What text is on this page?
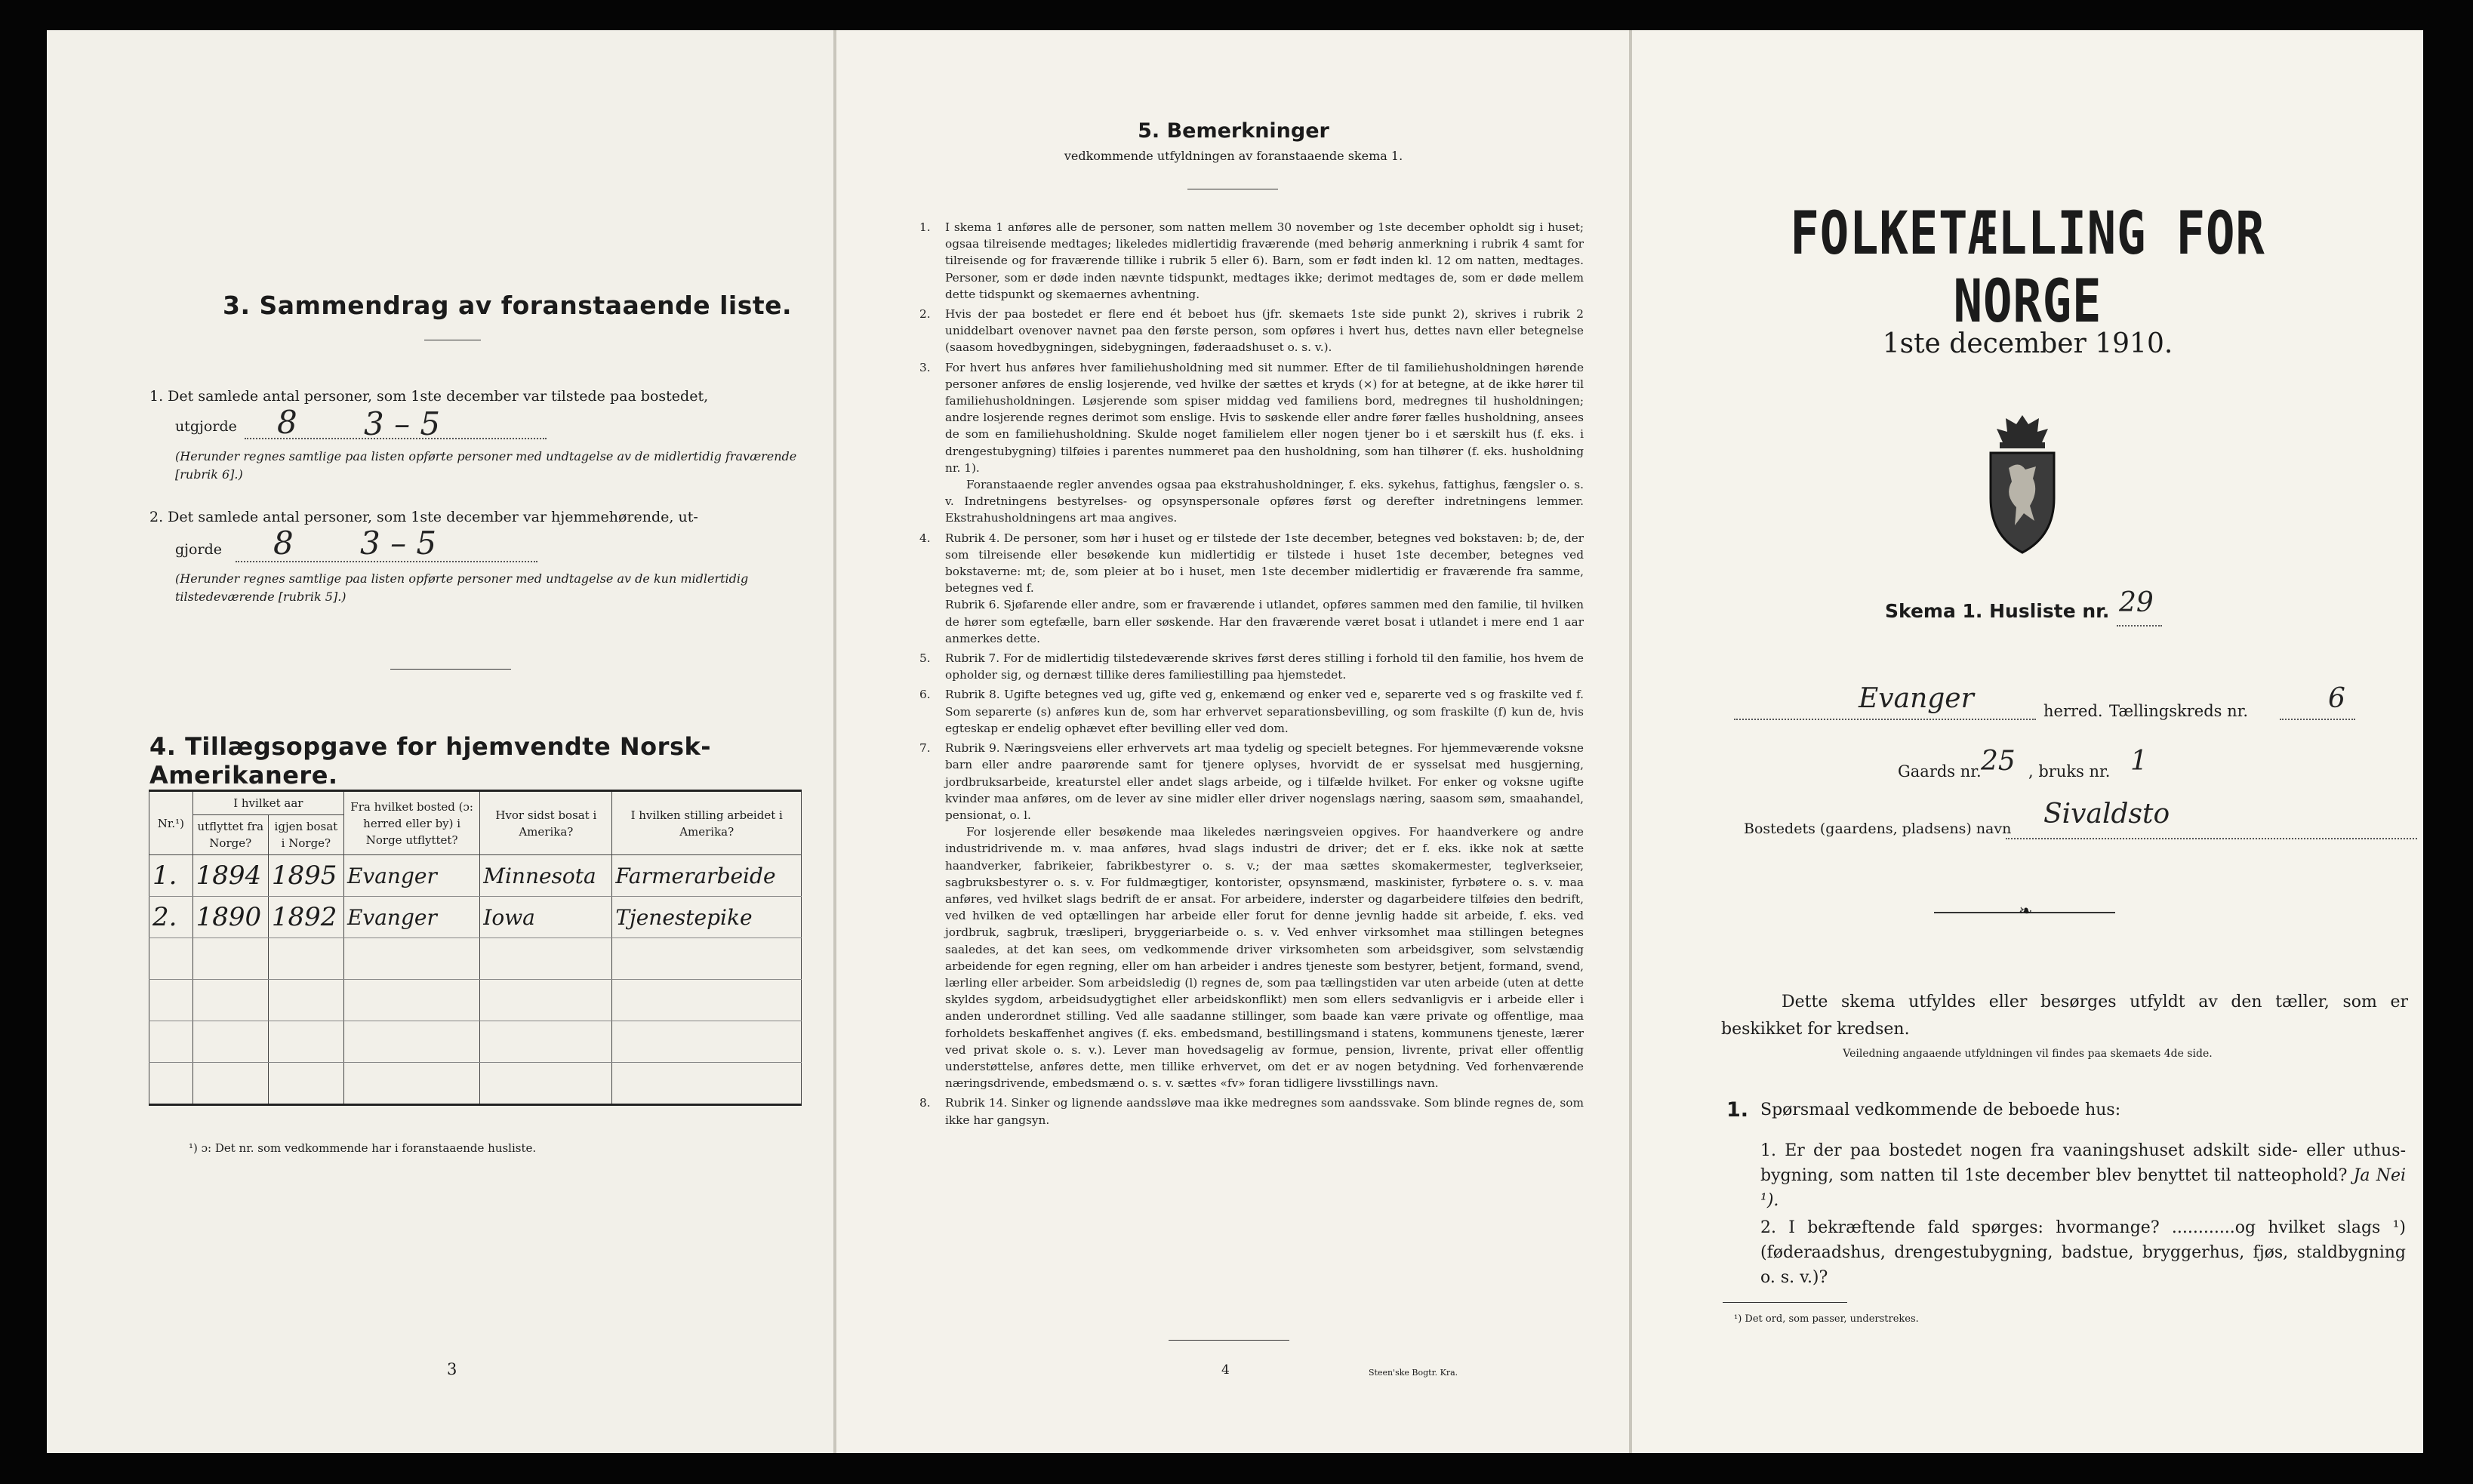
3. Sammendrag av foranstaaende liste.
1. Det samlede antal personer, som 1ste december var tilstede paa bostedet,
utgjorde 8 3 – 5
(Herunder regnes samtlige paa listen opførte personer med undtagelse av de midlertidig fraværende [rubrik 6].)
2. Det samlede antal personer, som 1ste december var hjemmehørende, ut-
gjorde 8 3 – 5
(Herunder regnes samtlige paa listen opførte personer med undtagelse av de kun midlertidig tilstedeværende [rubrik 5].)
4. Tillægsopgave for hjemvendte Norsk-Amerikanere.
Nr.¹)	I hvilket aar		Fra hvilket bosted (ɔ: herred eller by) i Norge utflyttet?	Hvor sidst bosat i Amerika?	I hvilken stilling arbeidet i Amerika?
	utflyttet fra Norge?	igjen bosat i Norge?			
1.	1894	1895	Evanger	Minnesota	Farmerarbeide
2.	1890	1892	Evanger	Iowa	Tjenestepike

¹) ɔ: Det nr. som vedkommende har i foranstaaende husliste.
3
5. Bemerkninger
vedkommende utfyldningen av foranstaaende skema 1.
1.	I skema 1 anføres alle de personer, som natten mellem 30 november og 1ste december opholdt sig i huset; ogsaa tilreisende medtages; likeledes midlertidig fraværende (med behørig anmerkning i rubrik 4 samt for tilreisende og for fraværende tillike i rubrik 5 eller 6). Barn, som er født inden kl. 12 om natten, medtages. Personer, som er døde inden nævnte tidspunkt, medtages ikke; derimot medtages de, som er døde mellem dette tidspunkt og skemaernes avhentning.

2.	Hvis der paa bostedet er flere end ét beboet hus (jfr. skemaets 1ste side punkt 2), skrives i rubrik 2 uniddelbart ovenover navnet paa den første person, som opføres i hvert hus, dettes navn eller betegnelse (saasom hovedbygningen, sidebygningen, føderaadshuset o. s. v.).

3.	For hvert hus anføres hver familiehusholdning med sit nummer. Efter de til familiehusholdningen hørende personer anføres de enslig losjerende, ved hvilke der sættes et kryds (×) for at betegne, at de ikke hører til familiehusholdningen. Løsjerende som spiser middag ved familiens bord, medregnes til husholdningen; andre losjerende regnes derimot som enslige. Hvis to søskende eller andre fører fælles husholdning, ansees de som en familiehusholdning. Skulde noget familielem eller nogen tjener bo i et særskilt hus (f. eks. i drengestubygning) tilføies i parentes nummeret paa den husholdning, som han tilhører (f. eks. husholdning nr. 1).

Foranstaaende regler anvendes ogsaa paa ekstrahusholdninger, f. eks. sykehus, fattighus, fængsler o. s. v. Indretningens bestyrelses- og opsynspersonale opføres først og derefter indretningens lemmer. Ekstrahusholdningens art maa angives.

4.	Rubrik 4. De personer, som hør i huset og er tilstede der 1ste december, betegnes ved bokstaven: b; de, der som tilreisende eller besøkende kun midlertidig er tilstede i huset 1ste december, betegnes ved bokstaverne: mt; de, som pleier at bo i huset, men 1ste december midlertidig er fraværende fra samme, betegnes ved f.

Rubrik 6. Sjøfarende eller andre, som er fraværende i utlandet, opføres sammen med den familie, til hvilken de hører som egtefælle, barn eller søskende. Har den fraværende været bosat i utlandet i mere end 1 aar anmerkes dette.

5.	Rubrik 7. For de midlertidig tilstedeværende skrives først deres stilling i forhold til den familie, hos hvem de opholder sig, og dernæst tillike deres familiestilling paa hjemstedet.

6.	Rubrik 8. Ugifte betegnes ved ug, gifte ved g, enkemænd og enker ved e, separerte ved s og fraskilte ved f. Som separerte (s) anføres kun de, som har erhvervet separationsbevilling, og som fraskilte (f) kun de, hvis egteskap er endelig ophævet efter bevilling eller ved dom.

7.	Rubrik 9. Næringsveiens eller erhvervets art maa tydelig og specielt betegnes. For hjemmeværende voksne barn eller andre paarørende samt for tjenere oplyses, hvorvidt de er sysselsat med husgjerning, jordbruksarbeide, kreaturstel eller andet slags arbeide, og i tilfælde hvilket. For enker og voksne ugifte kvinder maa anføres, om de lever av sine midler eller driver nogenslags næring, saasom søm, smaahandel, pensionat, o. l.

For losjerende eller besøkende maa likeledes næringsveien opgives. For haandverkere og andre industridrivende m. v. maa anføres, hvad slags industri de driver; det er f. eks. ikke nok at sætte haandverker, fabrikeier, fabrikbestyrer o. s. v.; der maa sættes skomakermester, teglverkseier, sagbruksbestyrer o. s. v. For fuldmægtiger, kontorister, opsynsmænd, maskinister, fyrbøtere o. s. v. maa anføres, ved hvilket slags bedrift de er ansat. For arbeidere, inderster og dagarbeidere tilføies den bedrift, ved hvilken de ved optællingen har arbeide eller forut for denne jevnlig hadde sit arbeide, f. eks. ved jordbruk, sagbruk, træsliperi, bryggeriarbeide o. s. v. Ved enhver virksomhet maa stillingen betegnes saaledes, at det kan sees, om vedkommende driver virksomheten som arbeidsgiver, som selvstændig arbeidende for egen regning, eller om han arbeider i andres tjeneste som bestyrer, betjent, formand, svend, lærling eller arbeider. Som arbeidsledig (l) regnes de, som paa tællingstiden var uten arbeide (uten at dette skyldes sygdom, arbeidsudygtighet eller arbeidskonflikt) men som ellers sedvanligvis er i arbeide eller i anden underordnet stilling. Ved alle saadanne stillinger, som baade kan være private og offentlige, maa forholdets beskaffenhet angives (f. eks. embedsmand, bestillingsmand i statens, kommunens tjeneste, lærer ved privat skole o. s. v.). Lever man hovedsagelig av formue, pension, livrente, privat eller offentlig understøttelse, anføres dette, men tillike erhvervet, om det er av nogen betydning. Ved forhenværende næringsdrivende, embedsmænd o. s. v. sættes «fv» foran tidligere livsstillings navn.

8.	Rubrik 14. Sinker og lignende aandssløve maa ikke medregnes som aandssvake. Som blinde regnes de, som ikke har gangsyn.

4	Steen'ske Bogtr. Kra.
FOLKETÆLLING FOR NORGE
1ste december 1910.
Skema 1. Husliste nr. 29
Evanger	herred. Tællingskreds nr.	6
Gaards nr. 25 , bruks nr. 1
Bostedets (gaardens, pladsens) navn Sivaldsto
❧
Dette skema utfyldes eller besørges utfyldt av den tæller, som er beskikket for kredsen.
Veiledning angaaende utfyldningen vil findes paa skemaets 4de side.
1. Spørsmaal vedkommende de beboede hus:
1. Er der paa bostedet nogen fra vaaningshuset adskilt side- eller uthus-bygning, som natten til 1ste december blev benyttet til natteophold? Ja Nei ¹).
2. I bekræftende fald spørges: hvormange? ............og hvilket slags ¹) (føderaadshus, drengestubygning, badstue, bryggerhus, fjøs, staldbygning o. s. v.)?
¹) Det ord, som passer, understrekes.
